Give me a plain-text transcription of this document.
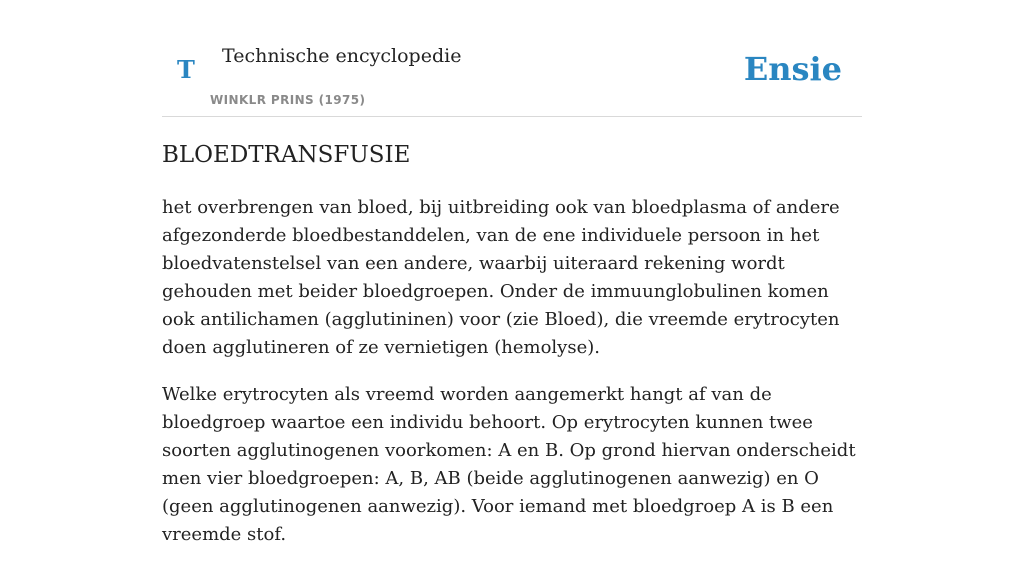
T Technische encyclopedie
WINKLR PRINS (1975)
Ensie
BLOEDTRANSFUSIE

het overbrengen van bloed, bij uitbreiding ook van bloedplasma of andere afgezonderde bloedbestanddelen, van de ene individuele persoon in het bloedvatenstelsel van een andere, waarbij uiteraard rekening wordt gehouden met beider bloedgroepen. Onder de immuunglobulinen komen ook antilichamen (agglutininen) voor (zie Bloed), die vreemde erytrocyten doen agglutineren of ze vernietigen (hemolyse).

Welke erytrocyten als vreemd worden aangemerkt hangt af van de bloedgroep waartoe een individu behoort. Op erytrocyten kunnen twee soorten agglutinogenen voorkomen: A en B. Op grond hiervan onderscheidt men vier bloedgroepen: A, B, AB (beide agglutinogenen aanwezig) en O (geen agglutinogenen aanwezig). Voor iemand met bloedgroep A is B een vreemde stof.
